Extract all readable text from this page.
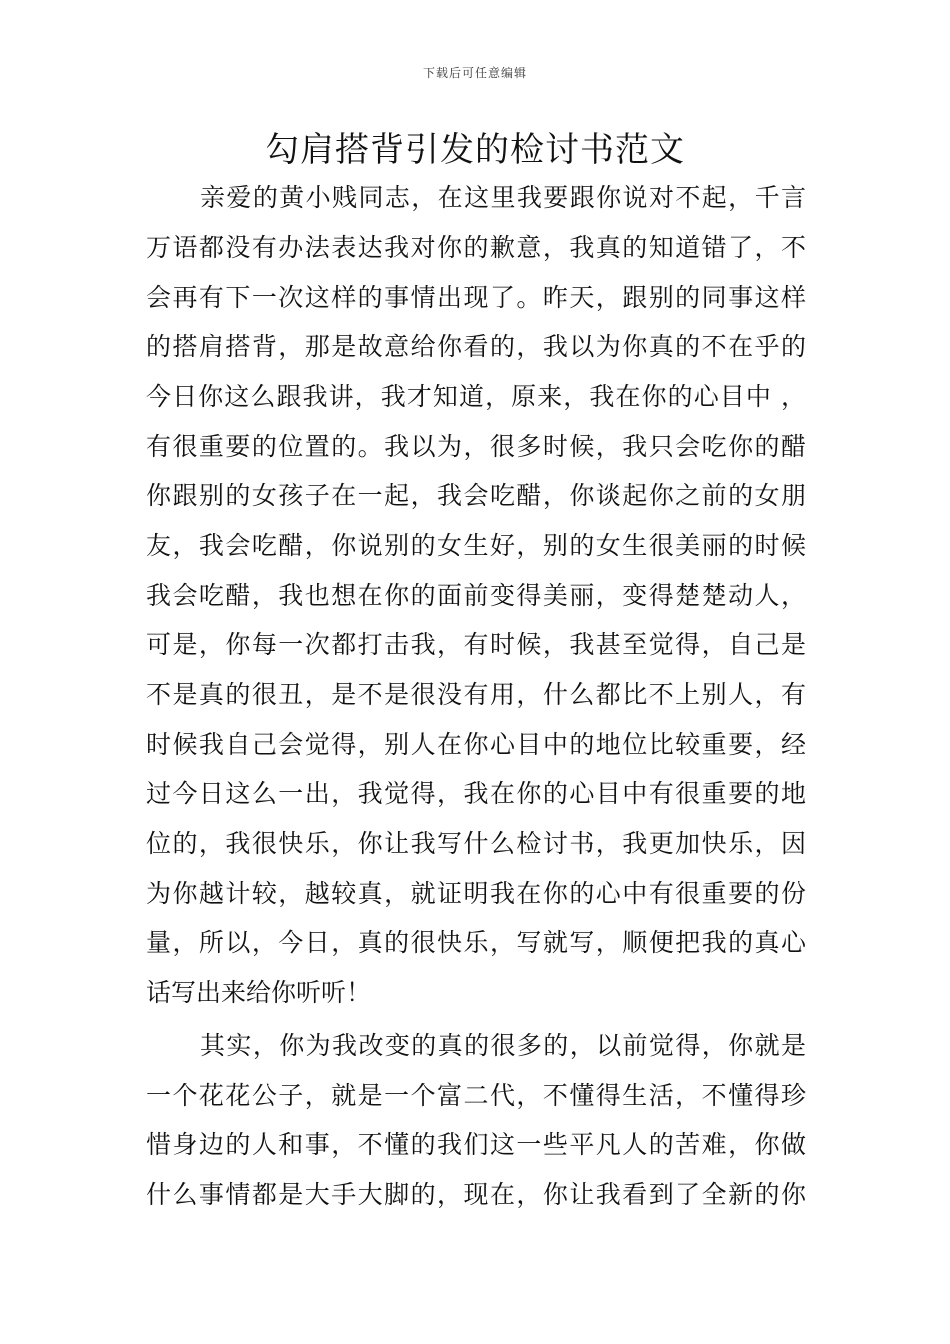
下载后可任意编辑
勾肩搭背引发的检讨书范文
亲爱的黄小贱同志，在这里我要跟你说对不起，千言
万语都没有办法表达我对你的歉意，我真的知道错了，不
会再有下一次这样的事情出现了。昨天，跟别的同事这样
的搭肩搭背，那是故意给你看的，我以为你真的不在乎的
今日你这么跟我讲，我才知道，原来，我在你的心目中 ，
有很重要的位置的。我以为，很多时候，我只会吃你的醋
你跟别的女孩子在一起，我会吃醋，你谈起你之前的女朋
友，我会吃醋，你说别的女生好，别的女生很美丽的时候
我会吃醋，我也想在你的面前变得美丽，变得楚楚动人，
可是，你每一次都打击我，有时候，我甚至觉得，自己是
不是真的很丑，是不是很没有用，什么都比不上别人，有
时候我自己会觉得，别人在你心目中的地位比较重要，经
过今日这么一出，我觉得，我在你的心目中有很重要的地
位的，我很快乐，你让我写什么检讨书，我更加快乐，因
为你越计较，越较真，就证明我在你的心中有很重要的份
量，所以，今日，真的很快乐，写就写，顺便把我的真心
话写出来给你听听！
其实，你为我改变的真的很多的，以前觉得，你就是
一个花花公子，就是一个富二代，不懂得生活，不懂得珍
惜身边的人和事，不懂的我们这一些平凡人的苦难，你做
什么事情都是大手大脚的，现在，你让我看到了全新的你
